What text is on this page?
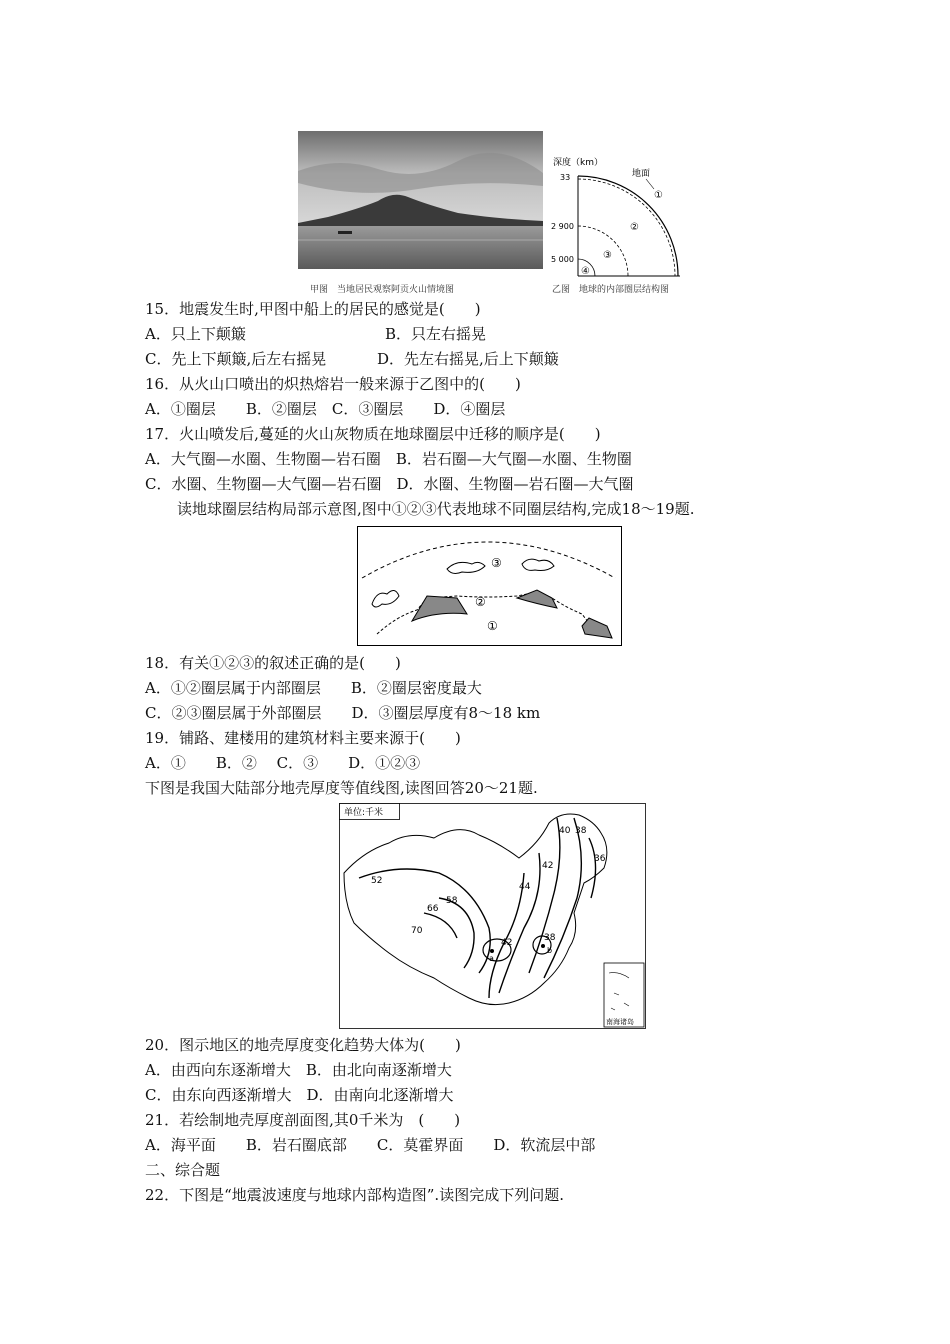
甲图　当地居民观察阿贡火山情境图
深度（km）
33
2 900
5 000
地面
①
②
③
④
乙图　地球的内部圈层结构图
15．地震发生时,甲图中船上的居民的感觉是(　　)
A．只上下颠簸	B．只左右摇晃
C．先上下颠簸,后左右摇晃	D．先左右摇晃,后上下颠簸
16．从火山口喷出的炽热熔岩一般来源于乙图中的(　　)
A．①圈层　　B．②圈层　C．③圈层　　D．④圈层
17．火山喷发后,蔓延的火山灰物质在地球圈层中迁移的顺序是(　　)
A．大气圈—水圈、生物圈—岩石圈　B．岩石圈—大气圈—水圈、生物圈
C．水圈、生物圈—大气圈—岩石圈　D．水圈、生物圈—岩石圈—大气圈
读地球圈层结构局部示意图,图中①②③代表地球不同圈层结构,完成18～19题.
③
②
①
18．有关①②③的叙述正确的是(　　)
A．①②圈层属于内部圈层　　B．②圈层密度最大
C．②③圈层属于外部圈层　　D．③圈层厚度有8～18 km
19．铺路、建楼用的建筑材料主要来源于(　　)
A．①　　B．②　 C．③　　D．①②③
下图是我国大陆部分地壳厚度等值线图,读图回答20～21题.
单位:千米
40 38
36
42
44
52
58
66
70
42	38
a
b
南海诸岛
20．图示地区的地壳厚度变化趋势大体为(　　)
A．由西向东逐渐增大　B．由北向南逐渐增大
C．由东向西逐渐增大　D．由南向北逐渐增大
21．若绘制地壳厚度剖面图,其0千米为　(　　)
A．海平面　　B．岩石圈底部　　C．莫霍界面　　D．软流层中部
二、综合题
22．下图是“地震波速度与地球内部构造图”.读图完成下列问题.
